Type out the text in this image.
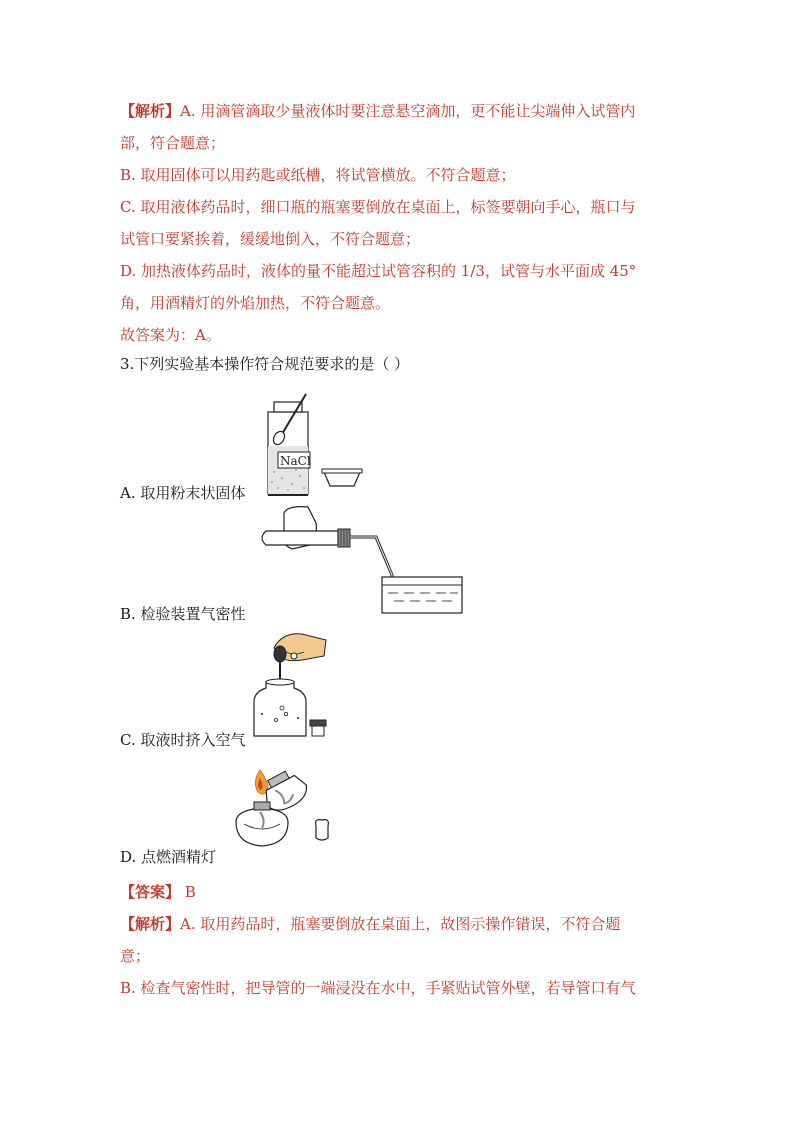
【解析】A. 用滴管滴取少量液体时要注意悬空滴加，更不能让尖端伸入试管内
部，符合题意；
B. 取用固体可以用药匙或纸槽，将试管横放。不符合题意；
C. 取用液体药品时，细口瓶的瓶塞要倒放在桌面上，标签要朝向手心，瓶口与
试管口要紧挨着，缓缓地倒入，不符合题意；
D. 加热液体药品时，液体的量不能超过试管容积的 1/3，试管与水平面成 45°
角，用酒精灯的外焰加热，不符合题意。
故答案为：A。
3.下列实验基本操作符合规范要求的是（ ）
NaCl
A. 取用粉末状固体
B. 检验装置气密性
C. 取液时挤入空气
D. 点燃酒精灯
【答案】 B
【解析】A. 取用药品时，瓶塞要倒放在桌面上，故图示操作错误，不符合题
意；
B. 检查气密性时，把导管的一端浸没在水中，手紧贴试管外壁，若导管口有气
